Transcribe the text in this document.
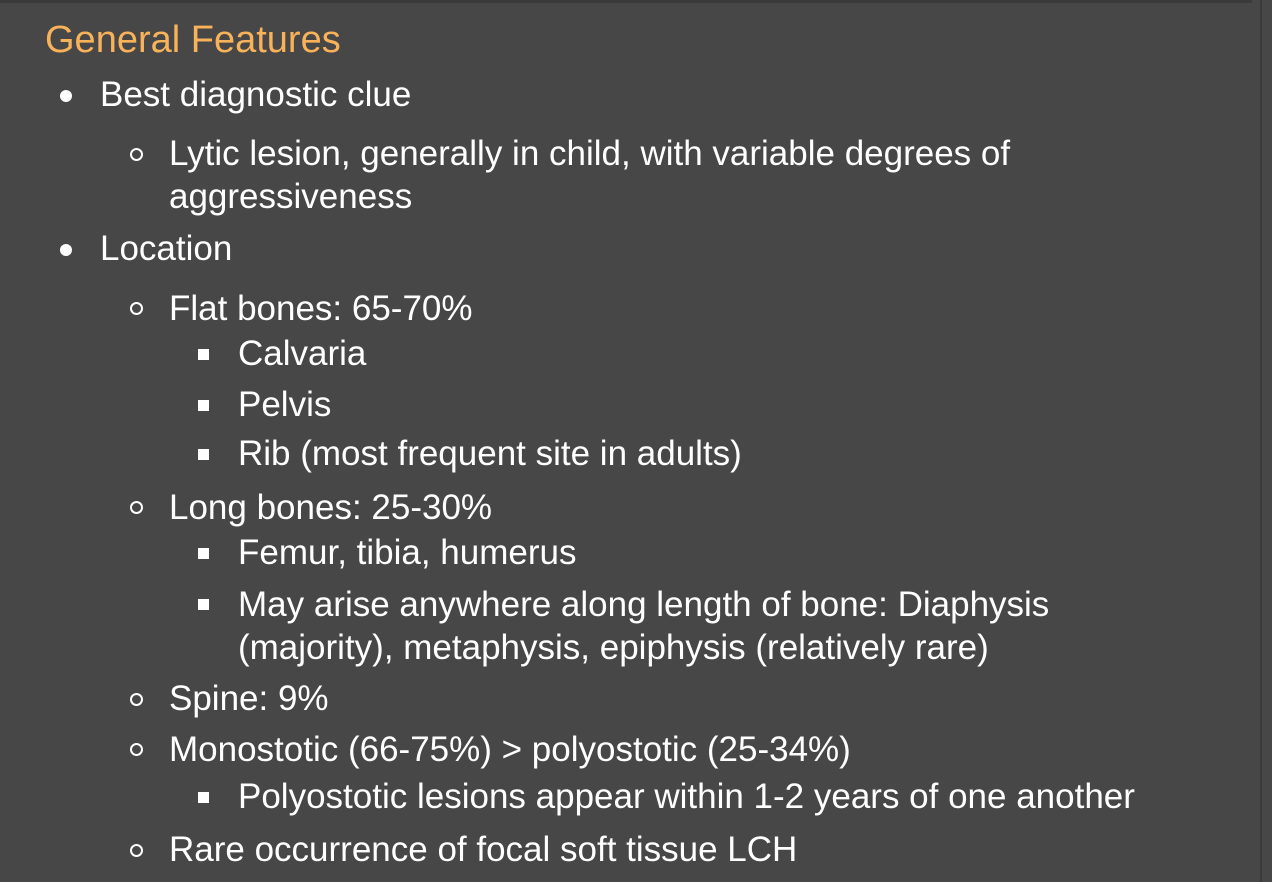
General Features
Best diagnostic clue
Lytic lesion, generally in child, with variable degrees of
aggressiveness
Location
Flat bones: 65-70%
Calvaria
Pelvis
Rib (most frequent site in adults)
Long bones: 25-30%
Femur, tibia, humerus
May arise anywhere along length of bone: Diaphysis
(majority), metaphysis, epiphysis (relatively rare)
Spine: 9%
Monostotic (66-75%) > polyostotic (25-34%)
Polyostotic lesions appear within 1-2 years of one another
Rare occurrence of focal soft tissue LCH
